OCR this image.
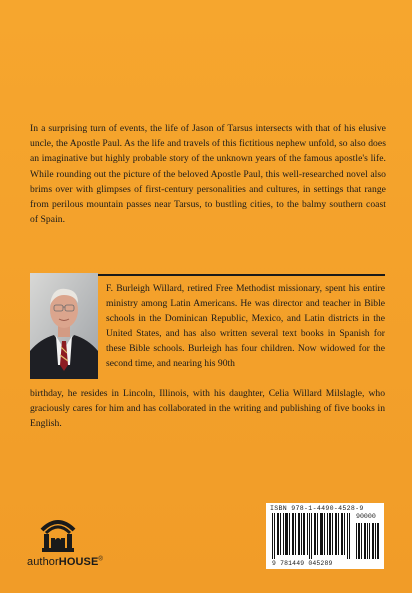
In a surprising turn of events, the life of Jason of Tarsus intersects with that of his elusive uncle, the Apostle Paul. As the life and travels of this fictitious nephew unfold, so also does an imaginative but highly probable story of the unknown years of the famous apostle's life. While rounding out the picture of the beloved Apostle Paul, this well-researched novel also brims over with glimpses of first-century personalities and cultures, in settings that range from perilous mountain passes near Tarsus, to bustling cities, to the balmy southern coast of Spain.
F. Burleigh Willard, retired Free Methodist missionary, spent his entire ministry among Latin Americans. He was director and teacher in Bible schools in the Dominican Republic, Mexico, and Latin districts in the United States, and has also written several text books in Spanish for these Bible schools. Burleigh has four children. Now widowed for the second time, and nearing his 90th
birthday, he resides in Lincoln, Illinois, with his daughter, Celia Willard Milslagle, who graciously cares for him and has collaborated in the writing and publishing of five books in English.
authorHOUSE®
ISBN 978-1-4490-4528-9
90000
9 781449 045289
